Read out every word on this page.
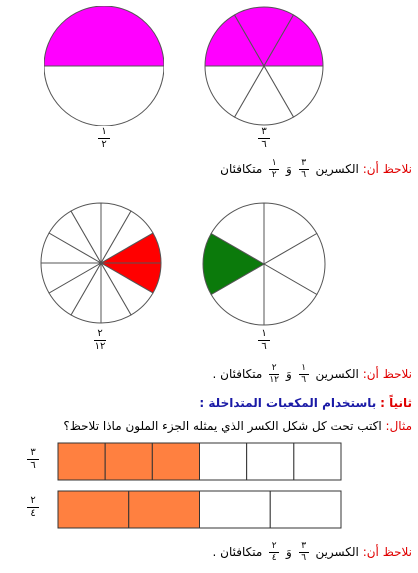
١
٢
٣
٦
نلاحظ أن: الكسرين
٣
٦
وَ
١
٢
متكافئان
٢
١٢
١
٦
نلاحظ أن: الكسرين
١
٦
وَ
٢
١٢
متكافئان .
ثانياً : باستخدام المكعبات المتداخلة :
مثال: اكتب تحت كل شكل الكسر الذي يمثله الجزء الملون ماذا تلاحظ؟
٣
٦
٢
٤
نلاحظ أن: الكسرين
٣
٦
وَ
٢
٤
متكافئان .
